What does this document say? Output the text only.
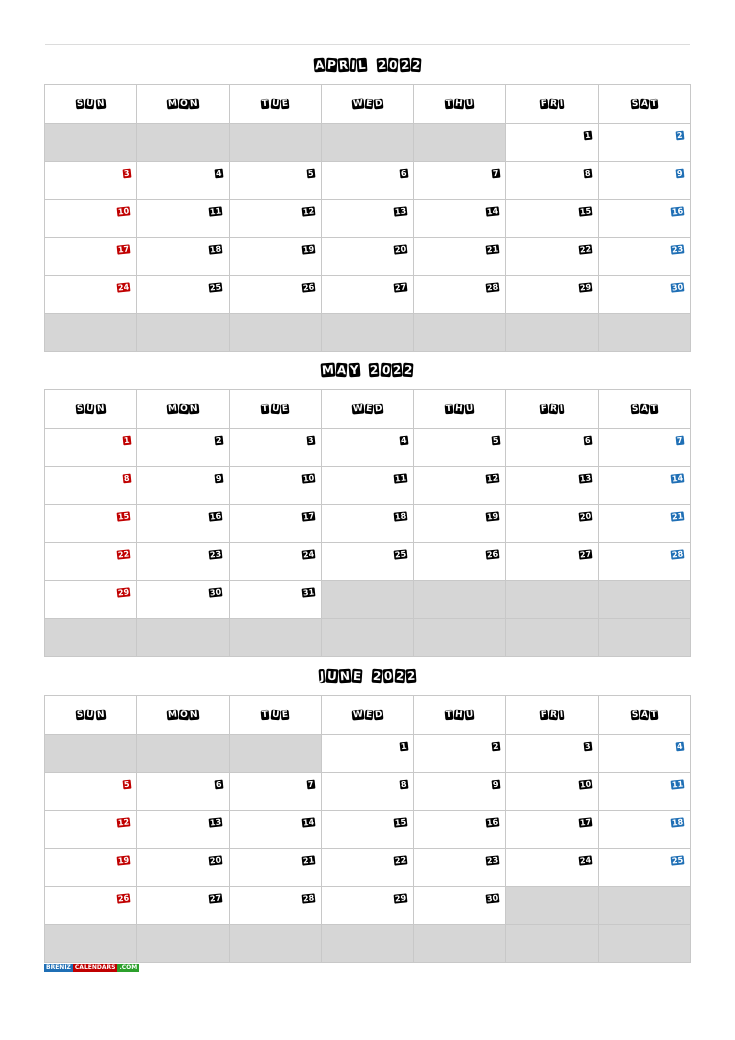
A P R I L 2 0 2 2
S U N	M O N	T U E	W E D	T H U	F R I	S A T

					1	2

3	4	5	6	7	8	9

10	11	12	13	14	15	16

17	18	19	20	21	22	23

24	25	26	27	28	29	30

M A Y 2 0 2 2
S U N	M O N	T U E	W E D	T H U	F R I	S A T

1	2	3	4	5	6	7

8	9	10	11	12	13	14

15	16	17	18	19	20	21

22	23	24	25	26	27	28

29	30	31				

J U N E 2 0 2 2
S U N	M O N	T U E	W E D	T H U	F R I	S A T

			1	2	3	4

5	6	7	8	9	10	11

12	13	14	15	16	17	18

19	20	21	22	23	24	25

26	27	28	29	30		

BRENIZ CALENDARS .COM
